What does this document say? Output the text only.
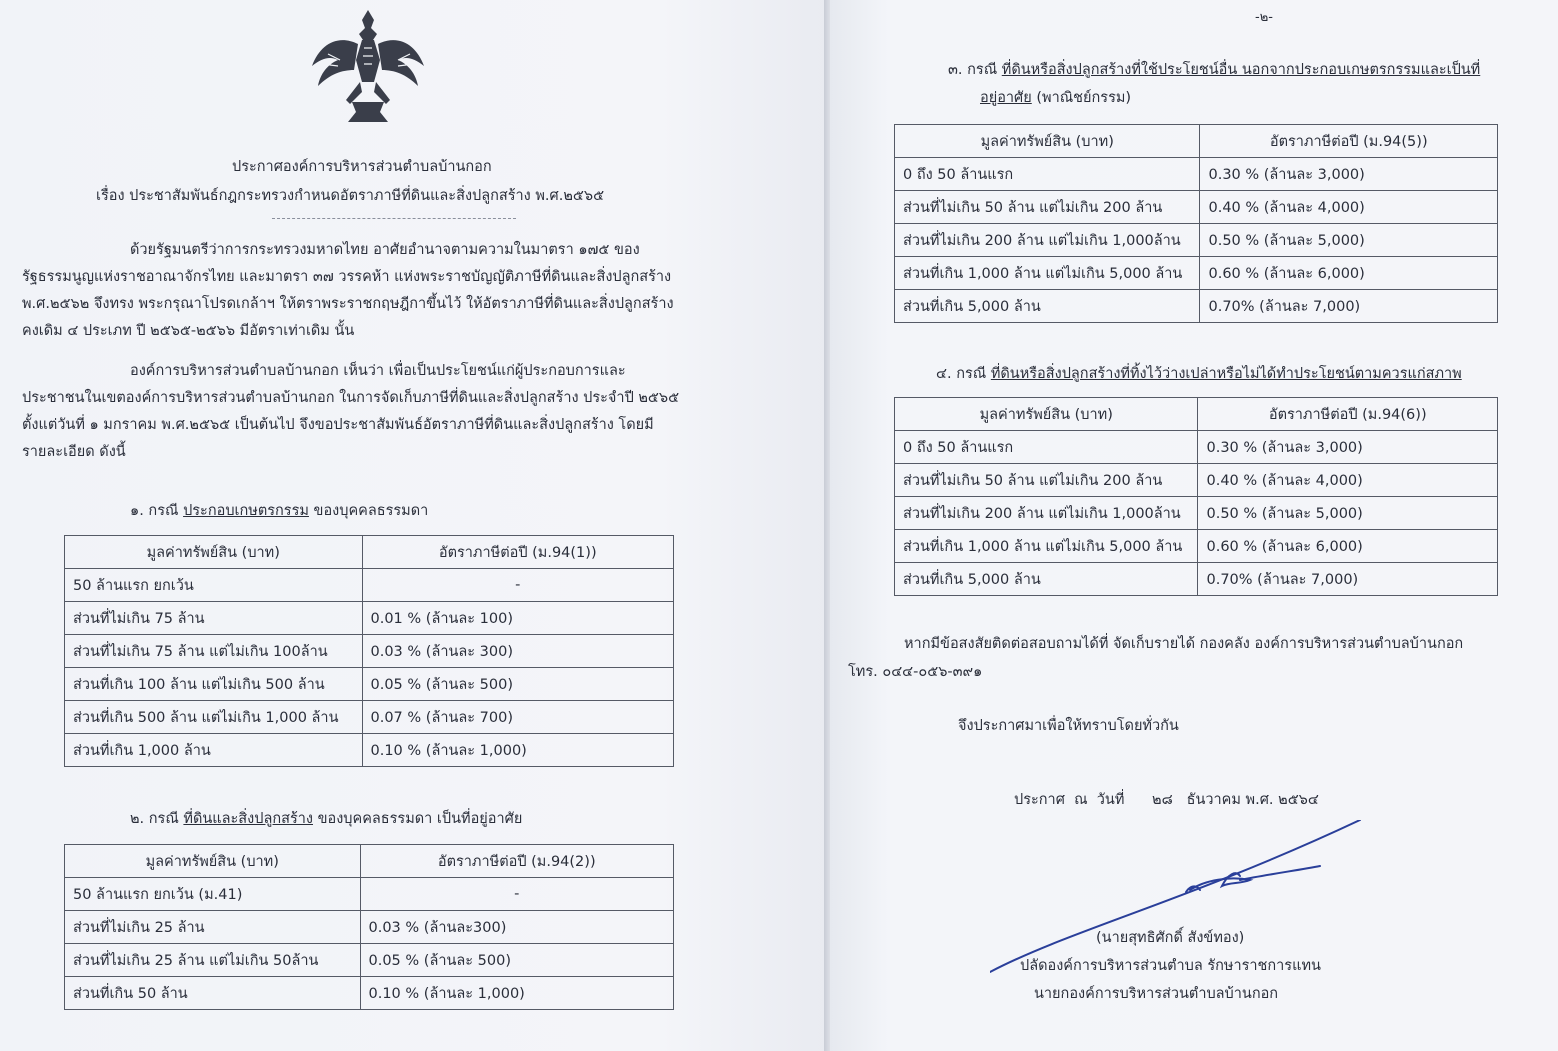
ประกาศองค์การบริหารส่วนตำบลบ้านกอก
เรื่อง ประชาสัมพันธ์กฎกระทรวงกำหนดอัตราภาษีที่ดินและสิ่งปลูกสร้าง พ.ศ.๒๕๖๕
ด้วยรัฐมนตรีว่าการกระทรวงมหาดไทย อาศัยอำนาจตามความในมาตรา ๑๗๕ ของ
รัฐธรรมนูญแห่งราชอาณาจักรไทย และมาตรา ๓๗ วรรคห้า แห่งพระราชบัญญัติภาษีที่ดินและสิ่งปลูกสร้าง
พ.ศ.๒๕๖๒ จึงทรง พระกรุณาโปรดเกล้าฯ ให้ตราพระราชกฤษฎีกาขึ้นไว้ ให้อัตราภาษีที่ดินและสิ่งปลูกสร้าง
คงเดิม ๔ ประเภท ปี ๒๕๖๕-๒๕๖๖ มีอัตราเท่าเดิม นั้น
องค์การบริหารส่วนตำบลบ้านกอก เห็นว่า เพื่อเป็นประโยชน์แก่ผู้ประกอบการและ
ประชาชนในเขตองค์การบริหารส่วนตำบลบ้านกอก ในการจัดเก็บภาษีที่ดินและสิ่งปลูกสร้าง ประจำปี ๒๕๖๕
ตั้งแต่วันที่ ๑ มกราคม พ.ศ.๒๕๖๕ เป็นต้นไป จึงขอประชาสัมพันธ์อัตราภาษีที่ดินและสิ่งปลูกสร้าง โดยมี
รายละเอียด ดังนี้
๑. กรณี ประกอบเกษตรกรรม ของบุคคลธรรมดา
มูลค่าทรัพย์สิน (บาท)	อัตราภาษีต่อปี (ม.94(1))
50 ล้านแรก ยกเว้น	-
ส่วนที่ไม่เกิน 75 ล้าน	0.01 % (ล้านละ 100)
ส่วนที่ไม่เกิน 75 ล้าน แต่ไม่เกิน 100ล้าน	0.03 % (ล้านละ 300)
ส่วนที่เกิน 100 ล้าน แต่ไม่เกิน 500 ล้าน	0.05 % (ล้านละ 500)
ส่วนที่เกิน 500 ล้าน แต่ไม่เกิน 1,000 ล้าน	0.07 % (ล้านละ 700)
ส่วนที่เกิน 1,000 ล้าน	0.10 % (ล้านละ 1,000)
๒. กรณี ที่ดินและสิ่งปลูกสร้าง ของบุคคลธรรมดา เป็นที่อยู่อาศัย
มูลค่าทรัพย์สิน (บาท)	อัตราภาษีต่อปี (ม.94(2))
50 ล้านแรก ยกเว้น (ม.41)	-
ส่วนที่ไม่เกิน 25 ล้าน	0.03 % (ล้านละ300)
ส่วนที่ไม่เกิน 25 ล้าน แต่ไม่เกิน 50ล้าน	0.05 % (ล้านละ 500)
ส่วนที่เกิน 50 ล้าน	0.10 % (ล้านละ 1,000)
-๒-
๓. กรณี ที่ดินหรือสิ่งปลูกสร้างที่ใช้ประโยชน์อื่น นอกจากประกอบเกษตรกรรมและเป็นที่
อยู่อาศัย (พาณิชย์กรรม)
มูลค่าทรัพย์สิน (บาท)	อัตราภาษีต่อปี (ม.94(5))
0 ถึง 50 ล้านแรก	0.30 % (ล้านละ 3,000)
ส่วนที่ไม่เกิน 50 ล้าน แต่ไม่เกิน 200 ล้าน	0.40 % (ล้านละ 4,000)
ส่วนที่ไม่เกิน 200 ล้าน แต่ไม่เกิน 1,000ล้าน	0.50 % (ล้านละ 5,000)
ส่วนที่เกิน 1,000 ล้าน แต่ไม่เกิน 5,000 ล้าน	0.60 % (ล้านละ 6,000)
ส่วนที่เกิน 5,000 ล้าน	0.70% (ล้านละ 7,000)
๔. กรณี ที่ดินหรือสิ่งปลูกสร้างที่ทิ้งไว้ว่างเปล่าหรือไม่ได้ทำประโยชน์ตามควรแก่สภาพ
มูลค่าทรัพย์สิน (บาท)	อัตราภาษีต่อปี (ม.94(6))
0 ถึง 50 ล้านแรก	0.30 % (ล้านละ 3,000)
ส่วนที่ไม่เกิน 50 ล้าน แต่ไม่เกิน 200 ล้าน	0.40 % (ล้านละ 4,000)
ส่วนที่ไม่เกิน 200 ล้าน แต่ไม่เกิน 1,000ล้าน	0.50 % (ล้านละ 5,000)
ส่วนที่เกิน 1,000 ล้าน แต่ไม่เกิน 5,000 ล้าน	0.60 % (ล้านละ 6,000)
ส่วนที่เกิน 5,000 ล้าน	0.70% (ล้านละ 7,000)
หากมีข้อสงสัยติดต่อสอบถามได้ที่ จัดเก็บรายได้ กองคลัง องค์การบริหารส่วนตำบลบ้านกอก
โทร. ๐๔๔-๐๕๖-๓๙๑
จึงประกาศมาเพื่อให้ทราบโดยทั่วกัน
ประกาศ  ณ  วันที่      ๒๘   ธันวาคม พ.ศ. ๒๕๖๔
(นายสุทธิศักดิ์ สังข์ทอง)
ปลัดองค์การบริหารส่วนตำบล รักษาราชการแทน
นายกองค์การบริหารส่วนตำบลบ้านกอก
